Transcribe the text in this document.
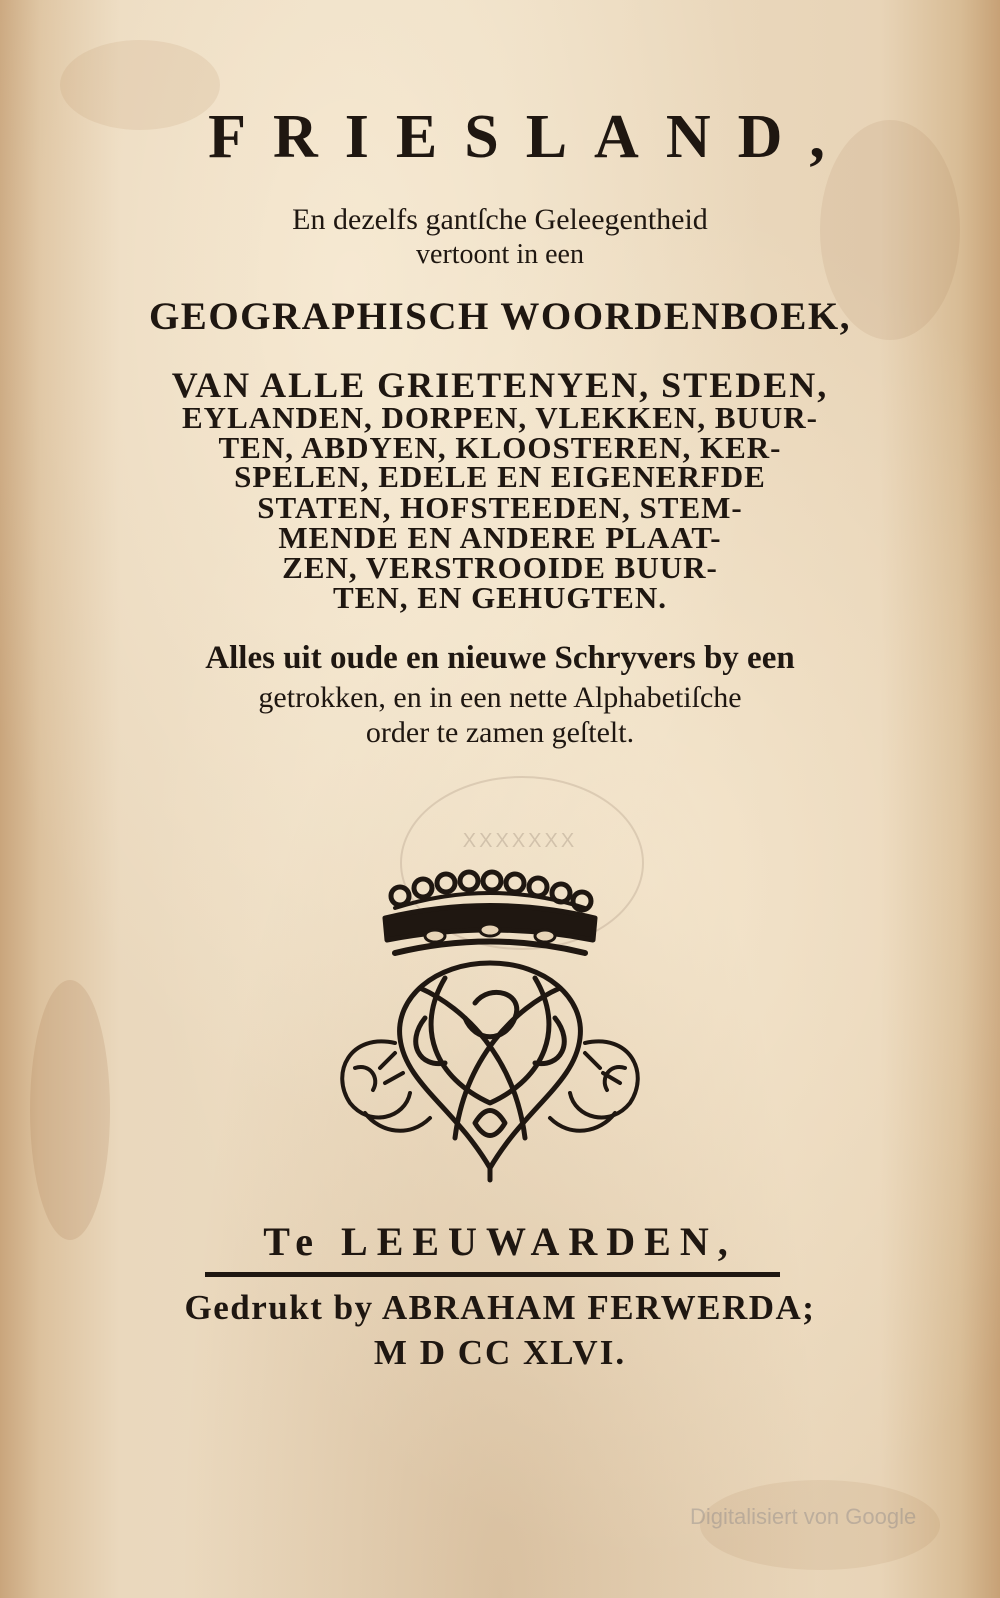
XXXXXXX

FRIESLAND,

En dezelfs gantſche Geleegentheid

vertoont in een

GEOGRAPHISCH WOORDENBOEK,

VAN ALLE GRIETENYEN, STEDEN,

EYLANDEN, DORPEN, VLEKKEN, BUUR-

TEN, ABDYEN, KLOOSTEREN, KER-

SPELEN, EDELE EN EIGENERFDE

STATEN, HOFSTEEDEN, STEM-

MENDE EN ANDERE PLAAT-

ZEN, VERSTROOIDE BUUR-

TEN, EN GEHUGTEN.

Alles uit oude en nieuwe Schryvers by een

getrokken, en in een nette Alphabetiſche

order te zamen geſtelt.

Te LEEUWARDEN,

Gedrukt by ABRAHAM FERWERDA;

M D CC XLVI.

Digitalisiert von Google
